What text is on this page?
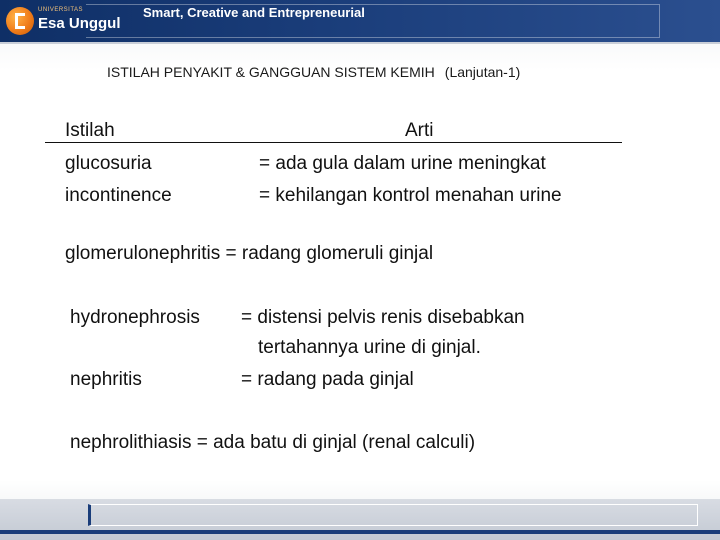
UNIVERSITAS
Esa Unggul
Smart, Creative and Entrepreneurial
ISTILAH PENYAKIT & GANGGUAN SISTEM KEMIH (Lanjutan-1)
Istilah	Arti
glucosuria	= ada gula dalam urine meningkat
incontinence	= kehilangan kontrol menahan urine
glomerulonephritis = radang glomeruli ginjal
hydronephrosis = distensi pelvis renis disebabkan
tertahannya urine di ginjal.
nephritis	= radang pada ginjal
nephrolithiasis = ada batu di ginjal (renal calculi)
